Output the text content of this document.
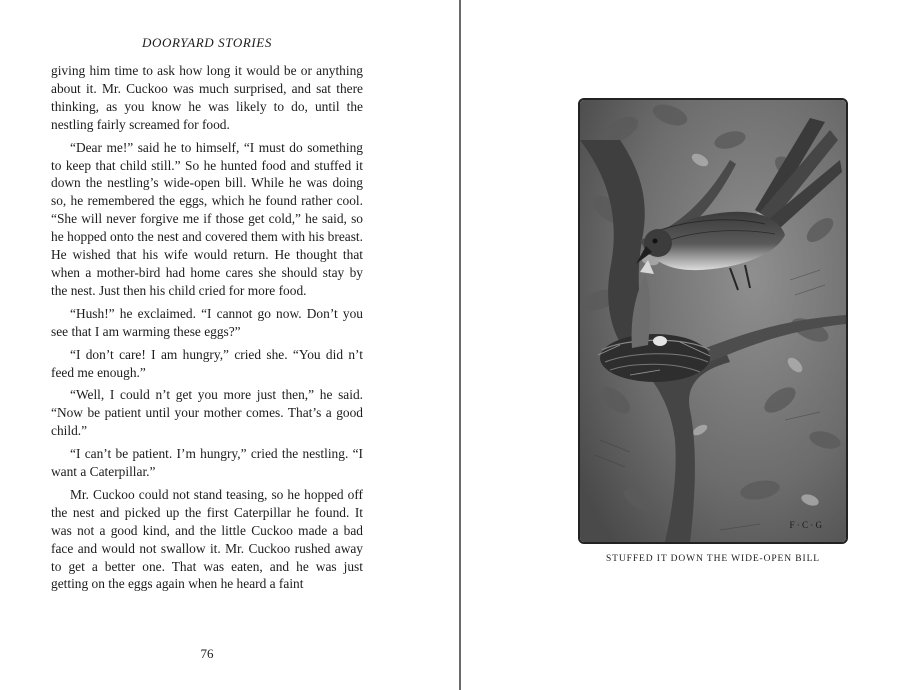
DOORYARD STORIES

giving him time to ask how long it would be or anything about it. Mr. Cuckoo was much surprised, and sat there thinking, as you know he was likely to do, until the nestling fairly screamed for food.

“Dear me!” said he to himself, “I must do something to keep that child still.” So he hunted food and stuffed it down the nestling’s wide-open bill. While he was doing so, he remembered the eggs, which he found rather cool. “She will never forgive me if those get cold,” he said, so he hopped onto the nest and covered them with his breast. He wished that his wife would return. He thought that when a mother-bird had home cares she should stay by the nest. Just then his child cried for more food.

“Hush!” he exclaimed. “I cannot go now. Don’t you see that I am warming these eggs?”

“I don’t care! I am hungry,” cried she. “You did n’t feed me enough.”

“Well, I could n’t get you more just then,” he said. “Now be patient until your mother comes. That’s a good child.”

“I can’t be patient. I’m hungry,” cried the nestling. “I want a Caterpillar.”

Mr. Cuckoo could not stand teasing, so he hopped off the nest and picked up the first Caterpillar he found. It was not a good kind, and the little Cuckoo made a bad face and would not swallow it. Mr. Cuckoo rushed away to get a better one. That was eaten, and he was just getting on the eggs again when he heard a faint

76
F · C · G
STUFFED IT DOWN THE WIDE-OPEN BILL
